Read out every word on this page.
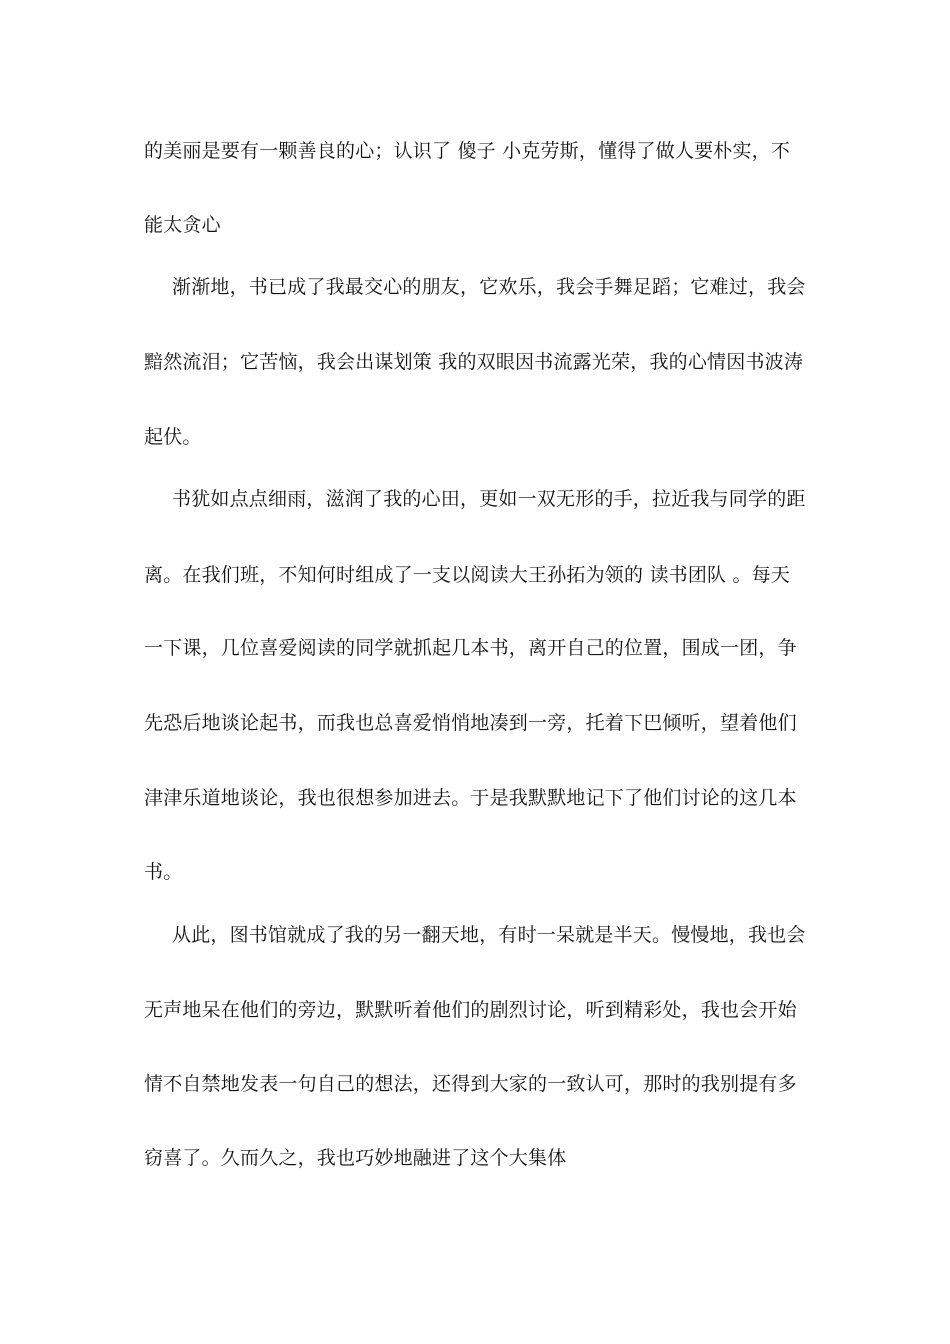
的美丽是要有一颗善良的心；认识了 傻子 小克劳斯，懂得了做人要朴实，不
能太贪心
渐渐地，书已成了我最交心的朋友，它欢乐，我会手舞足蹈；它难过，我会
黯然流泪；它苦恼，我会出谋划策 我的双眼因书流露光荣，我的心情因书波涛
起伏。
书犹如点点细雨，滋润了我的心田，更如一双无形的手，拉近我与同学的距
离。在我们班，不知何时组成了一支以阅读大王孙拓为领的 读书团队 。每天
一下课，几位喜爱阅读的同学就抓起几本书，离开自己的位置，围成一团，争
先恐后地谈论起书，而我也总喜爱悄悄地凑到一旁，托着下巴倾听，望着他们
津津乐道地谈论，我也很想参加进去。于是我默默地记下了他们讨论的这几本
书。
从此，图书馆就成了我的另一翻天地，有时一呆就是半天。慢慢地，我也会
无声地呆在他们的旁边，默默听着他们的剧烈讨论，听到精彩处，我也会开始
情不自禁地发表一句自己的想法，还得到大家的一致认可，那时的我别提有多
窃喜了。久而久之，我也巧妙地融进了这个大集体
